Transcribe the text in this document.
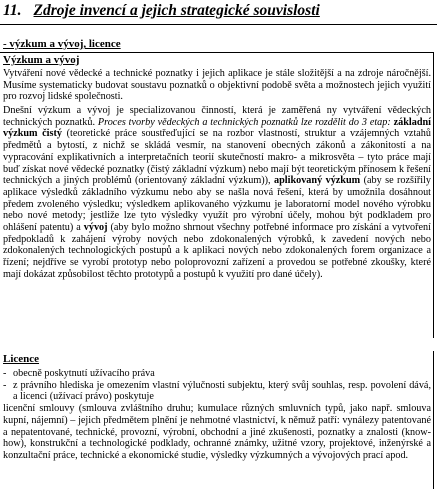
11. Zdroje invencí a jejich strategické souvislosti
- výzkum a vývoj, licence
Výzkum a vývoj
Vytváření nové vědecké a technické poznatky i jejich aplikace je stále složitější a na zdroje náročnější. Musíme systematicky budovat soustavu poznatků o objektivní podobě světa a možnostech jejich využití pro rozvoj lidské společnosti.
Dnešní výzkum a vývoj je specializovanou činností, která je zaměřená ny vytváření vědeckých technických poznatků. Proces tvorby vědeckých a technických poznatků lze rozdělit do 3 etap: základní výzkum čistý (teoretické práce soustřeďující se na rozbor vlastností, struktur a vzájemných vztahů předmětů a bytostí, z nichž se skládá vesmír, na stanovení obecných zákonů a zákonitostí a na vypracování explikativních a interpretačních teorií skutečností makro- a mikrosvěta – tyto práce mají buď získat nové vědecké poznatky (čistý základní výzkum) nebo mají být teoretickým přínosem k řešení technických a jiných problémů (orientovaný základní výzkum)), aplikovaný výzkum (aby se rozšířily aplikace výsledků základního výzkumu nebo aby se našla nová řešení, která by umožnila dosáhnout předem zvoleného výsledku; výsledkem aplikovaného výzkumu je laboratorní model nového výrobku nebo nové metody; jestliže lze tyto výsledky využít pro výrobní účely, mohou být podkladem pro ohlášení patentu) a vývoj (aby bylo možno shrnout všechny potřebné informace pro získání a vytvoření předpokladů k zahájení výroby nových nebo zdokonalených výrobků, k zavedení nových nebo zdokonalených technologických postupů a k aplikaci nových nebo zdokonalených forem organizace a řízení; nejdříve se vyrobí prototyp nebo poloprovozní zařízení a provedou se potřebné zkoušky, které mají dokázat způsobilost těchto prototypů a postupů k využití pro dané účely).
Licence
- obecně poskytnutí užívacího práva
- z právního hlediska je omezením vlastní výlučnosti subjektu, který svůj souhlas, resp. povolení dává, a licenci (užívací právo) poskytuje
licenční smlouvy (smlouva zvláštního druhu; kumulace různých smluvních typů, jako např. smlouva kupní, nájemní) – jejich předmětem plnění je nehmotné vlastnictví, k němuž patří: vynálezy patentované a nepatentované, technické, provozní, výrobní, obchodní a jiné zkušenosti, poznatky a znalosti (know-how), konstrukční a technologické podklady, ochranné známky, užitné vzory, projektové, inženýrské a konzultační práce, technické a ekonomické studie, výsledky výzkumných a vývojových prací apod.
